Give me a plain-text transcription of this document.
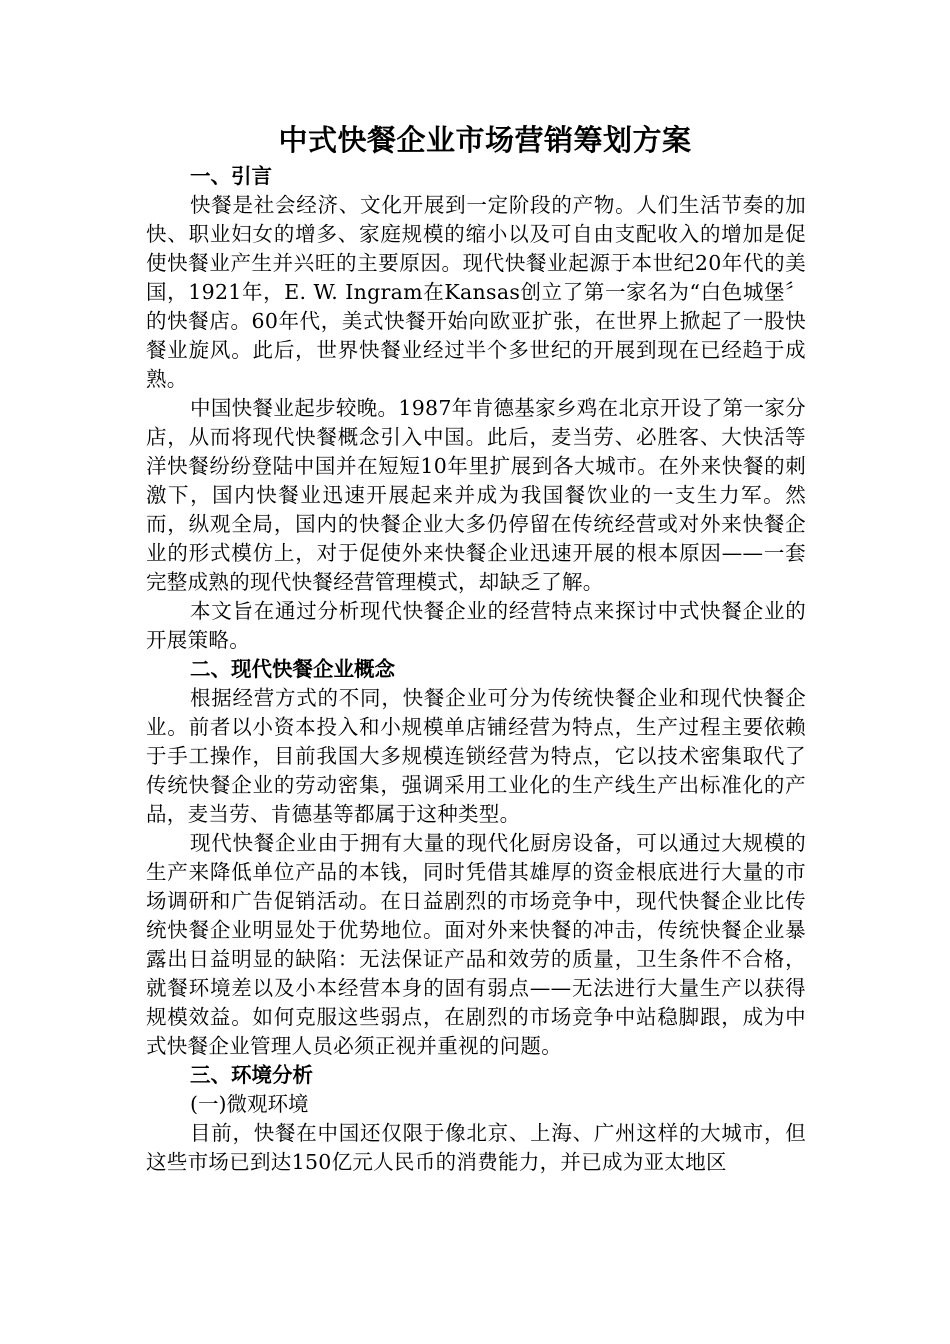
中式快餐企业市场营销筹划方案
一、引言

快餐是社会经济、文化开展到一定阶段的产物。人们生活节奏的加快、职业妇女的增多、家庭规模的缩小以及可自由支配收入的增加是促使快餐业产生并兴旺的主要原因。现代快餐业起源于本世纪20年代的美国，1921年，E. W. Ingram在Kansas创立了第一家名为“白色城堡〞的快餐店。60年代，美式快餐开始向欧亚扩张，在世界上掀起了一股快餐业旋风。此后，世界快餐业经过半个多世纪的开展到现在已经趋于成熟。

中国快餐业起步较晚。1987年肯德基家乡鸡在北京开设了第一家分店，从而将现代快餐概念引入中国。此后，麦当劳、必胜客、大快活等洋快餐纷纷登陆中国并在短短10年里扩展到各大城市。在外来快餐的刺激下，国内快餐业迅速开展起来并成为我国餐饮业的一支生力军。然而，纵观全局，国内的快餐企业大多仍停留在传统经营或对外来快餐企业的形式模仿上，对于促使外来快餐企业迅速开展的根本原因——一套完整成熟的现代快餐经营管理模式，却缺乏了解。

本文旨在通过分析现代快餐企业的经营特点来探讨中式快餐企业的开展策略。

二、现代快餐企业概念

根据经营方式的不同，快餐企业可分为传统快餐企业和现代快餐企业。前者以小资本投入和小规模单店铺经营为特点，生产过程主要依赖于手工操作，目前我国大多规模连锁经营为特点，它以技术密集取代了传统快餐企业的劳动密集，强调采用工业化的生产线生产出标准化的产品，麦当劳、肯德基等都属于这种类型。

现代快餐企业由于拥有大量的现代化厨房设备，可以通过大规模的生产来降低单位产品的本钱，同时凭借其雄厚的资金根底进行大量的市场调研和广告促销活动。在日益剧烈的市场竞争中，现代快餐企业比传统快餐企业明显处于优势地位。面对外来快餐的冲击，传统快餐企业暴露出日益明显的缺陷：无法保证产品和效劳的质量，卫生条件不合格，就餐环境差以及小本经营本身的固有弱点——无法进行大量生产以获得规模效益。如何克服这些弱点，在剧烈的市场竞争中站稳脚跟，成为中式快餐企业管理人员必须正视并重视的问题。

三、环境分析

(一)微观环境

目前，快餐在中国还仅限于像北京、上海、广州这样的大城市，但这些市场已到达150亿元人民币的消费能力，并已成为亚太地区
